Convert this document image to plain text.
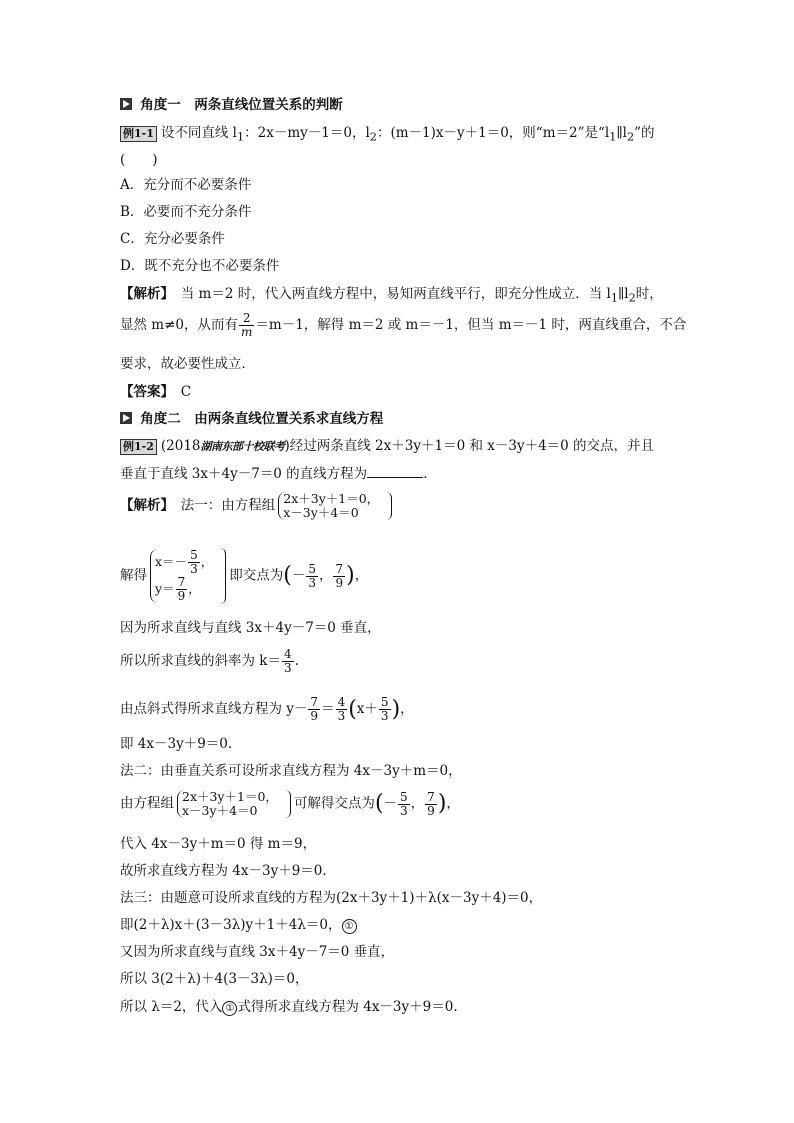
角度一　两条直线位置关系的判断
例1-1 设不同直线 $l_1$：2x－my－1＝0，$l_2$：(m－1)x－y＋1＝0，则“m＝2”是“$l_1\parallel l_2$”的
(　　)
A．充分而不必要条件
B．必要而不充分条件
C．充分必要条件
D．既不充分也不必要条件
【解析】　当 m＝2 时，代入两直线方程中，易知两直线平行，即充分性成立．当 $l_1\parallel l_2$时，
显然 m≠0，从而有 $\frac{2}{m} =m-1$，解得 m＝2 或 m＝－1，但当 m＝－1 时，两直线重合，不合
要求，故必要性成立．
【答案】　C
角度二　由两条直线位置关系求直线方程
例1-2 (2018湖南东部十校联考)经过两条直线 2x＋3y＋1＝0 和 x－3y＋4＝0 的交点，并且
垂直于直线 3x＋4y－7＝0 的直线方程为	．
【解析】　法一：由方程组 2x＋3y＋1＝0，
x－3y＋4＝0
解得
$x=- \frac{5}{3}$ ，
$y= \frac{7}{9}$ ，
即交点为(－ $\frac{5}{3}$ ， $\frac{7}{9}$ )，
因为所求直线与直线 3x＋4y－7＝0 垂直，
所以所求直线的斜率为 $k= \frac{4}{3}$ .
由点斜式得所求直线方程为 $y- \frac{7}{9} = \frac{4}{3} (x+ \frac{5}{3}$ )，
即 4x－3y＋9＝0.
法二：由垂直关系可设所求直线方程为 4x－3y＋m＝0，
由方程组 2x＋3y＋1＝0，
x－3y＋4＝0	可解得交点为(－ $\frac{5}{3}$ ， $\frac{7}{9}$ )，
代入 4x－3y＋m＝0 得 m＝9，
故所求直线方程为 4x－3y＋9＝0.
法三：由题意可设所求直线的方程为(2x＋3y＋1)＋λ(x－3y＋4)＝0，
即(2＋λ)x＋(3－3λ)y＋1＋4λ＝0， ①
又因为所求直线与直线 3x＋4y－7＝0 垂直，
所以 3(2＋λ)＋4(3－3λ)＝0，
所以 λ＝2，代入 ① 式得所求直线方程为 4x－3y＋9＝0.
